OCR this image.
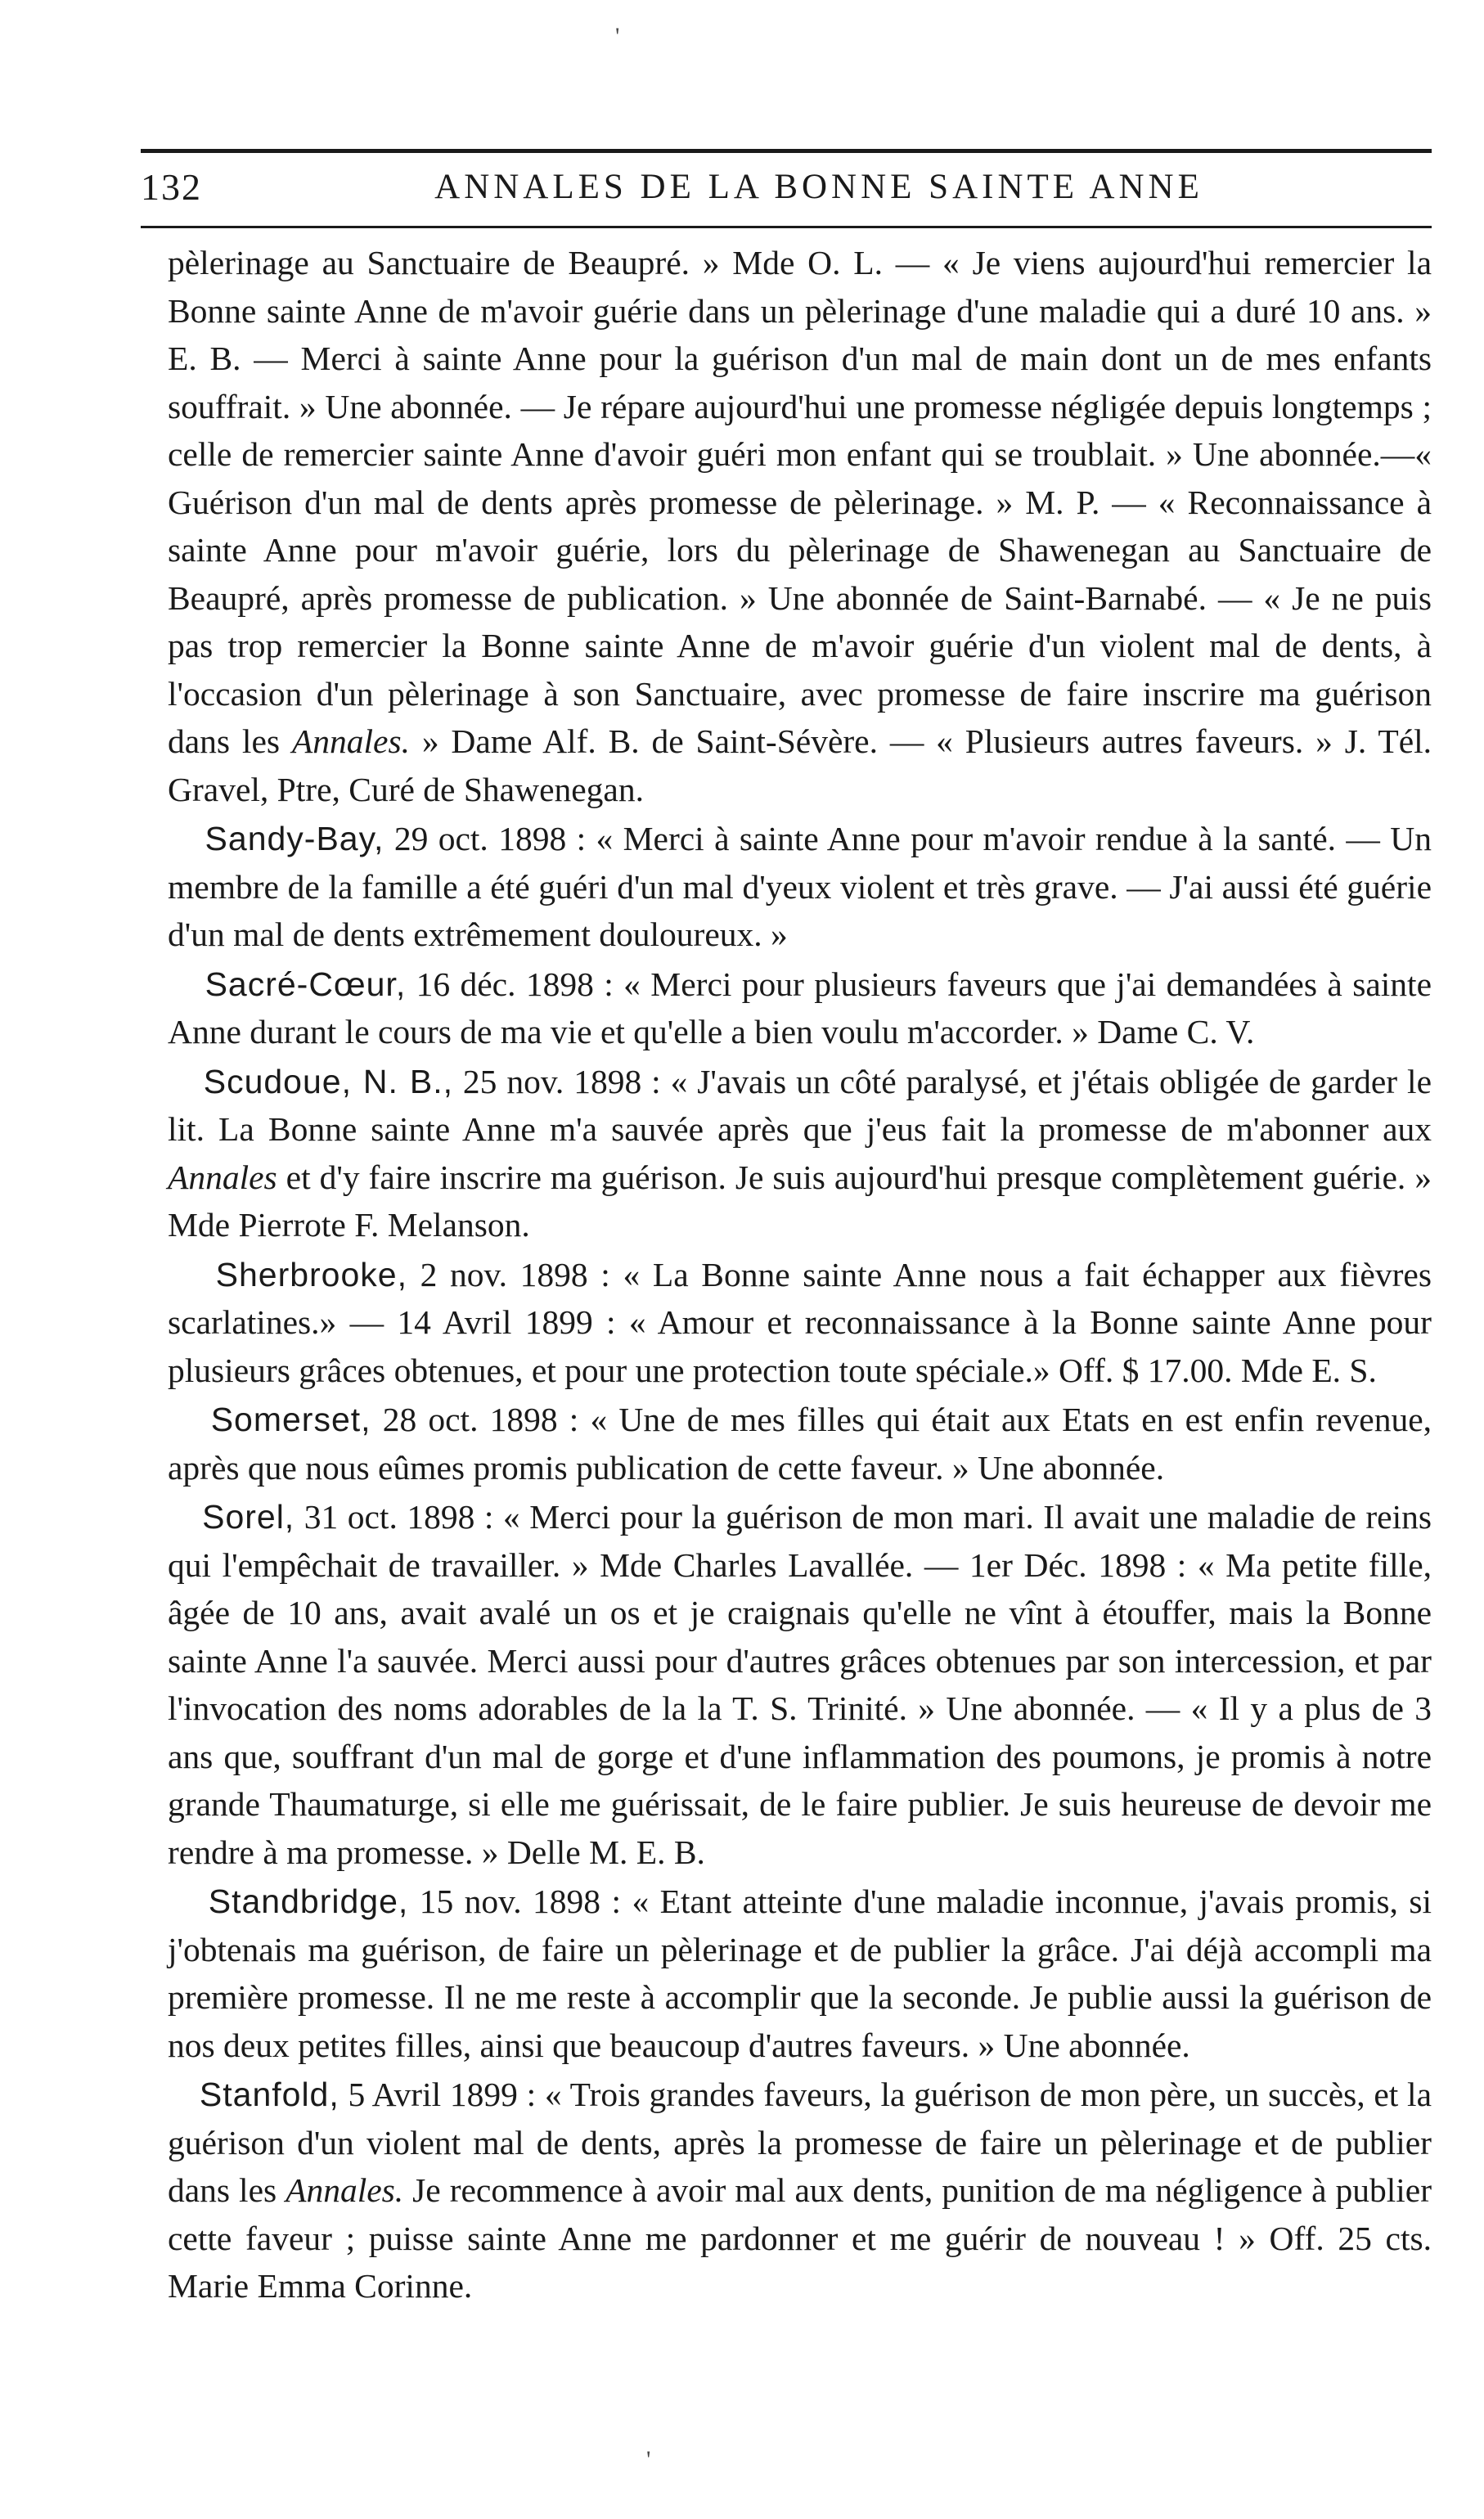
'
132	ANNALES DE LA BONNE SAINTE ANNE

pèlerinage au Sanctuaire de Beaupré. » Mde O. L. — « Je viens aujourd'hui remercier la Bonne sainte Anne de m'avoir guérie dans un pèlerinage d'une maladie qui a duré 10 ans. » E. B. — Merci à sainte Anne pour la guérison d'un mal de main dont un de mes enfants souffrait. » Une abonnée. — Je répare aujourd'hui une promesse négligée depuis longtemps ; celle de remercier sainte Anne d'avoir guéri mon enfant qui se troublait. » Une abonnée.—« Guérison d'un mal de dents après promesse de pèlerinage. » M. P. — « Reconnaissance à sainte Anne pour m'avoir guérie, lors du pèlerinage de Shawenegan au Sanctuaire de Beaupré, après promesse de publication. » Une abonnée de Saint-Barnabé. — « Je ne puis pas trop remercier la Bonne sainte Anne de m'avoir guérie d'un violent mal de dents, à l'occasion d'un pèlerinage à son Sanctuaire, avec promesse de faire inscrire ma guérison dans les Annales. » Dame Alf. B. de Saint-Sévère. — « Plusieurs autres faveurs. » J. Tél. Gravel, Ptre, Curé de Shawenegan.

Sandy-Bay, 29 oct. 1898 : « Merci à sainte Anne pour m'avoir rendue à la santé. — Un membre de la famille a été guéri d'un mal d'yeux violent et très grave. — J'ai aussi été guérie d'un mal de dents extrêmement douloureux. »

Sacré-Cœur, 16 déc. 1898 : « Merci pour plusieurs faveurs que j'ai demandées à sainte Anne durant le cours de ma vie et qu'elle a bien voulu m'accorder. » Dame C. V.

Scudoue, N. B., 25 nov. 1898 : « J'avais un côté paralysé, et j'étais obligée de garder le lit. La Bonne sainte Anne m'a sauvée après que j'eus fait la promesse de m'abonner aux Annales et d'y faire inscrire ma guérison. Je suis aujourd'hui presque complètement guérie. » Mde Pierrote F. Melanson.

Sherbrooke, 2 nov. 1898 : « La Bonne sainte Anne nous a fait échapper aux fièvres scarlatines.» — 14 Avril 1899 : « Amour et reconnaissance à la Bonne sainte Anne pour plusieurs grâces obtenues, et pour une protection toute spéciale.» Off. $ 17.00. Mde E. S.

Somerset, 28 oct. 1898 : « Une de mes filles qui était aux Etats en est enfin revenue, après que nous eûmes promis publication de cette faveur. » Une abonnée.

Sorel, 31 oct. 1898 : « Merci pour la guérison de mon mari. Il avait une maladie de reins qui l'empêchait de travailler. » Mde Charles Lavallée. — 1er Déc. 1898 : « Ma petite fille, âgée de 10 ans, avait avalé un os et je craignais qu'elle ne vînt à étouffer, mais la Bonne sainte Anne l'a sauvée. Merci aussi pour d'autres grâces obtenues par son intercession, et par l'invocation des noms adorables de la la T. S. Trinité. » Une abonnée. — « Il y a plus de 3 ans que, souffrant d'un mal de gorge et d'une inflammation des poumons, je promis à notre grande Thaumaturge, si elle me guérissait, de le faire publier. Je suis heureuse de devoir me rendre à ma promesse. » Delle M. E. B.

Standbridge, 15 nov. 1898 : « Etant atteinte d'une maladie inconnue, j'avais promis, si j'obtenais ma guérison, de faire un pèlerinage et de publier la grâce. J'ai déjà accompli ma première promesse. Il ne me reste à accomplir que la seconde. Je publie aussi la guérison de nos deux petites filles, ainsi que beaucoup d'autres faveurs. » Une abonnée.

Stanfold, 5 Avril 1899 : « Trois grandes faveurs, la guérison de mon père, un succès, et la guérison d'un violent mal de dents, après la promesse de faire un pèlerinage et de publier dans les Annales. Je recommence à avoir mal aux dents, punition de ma négligence à publier cette faveur ; puisse sainte Anne me pardonner et me guérir de nouveau ! » Off. 25 cts. Marie Emma Corinne.

'
